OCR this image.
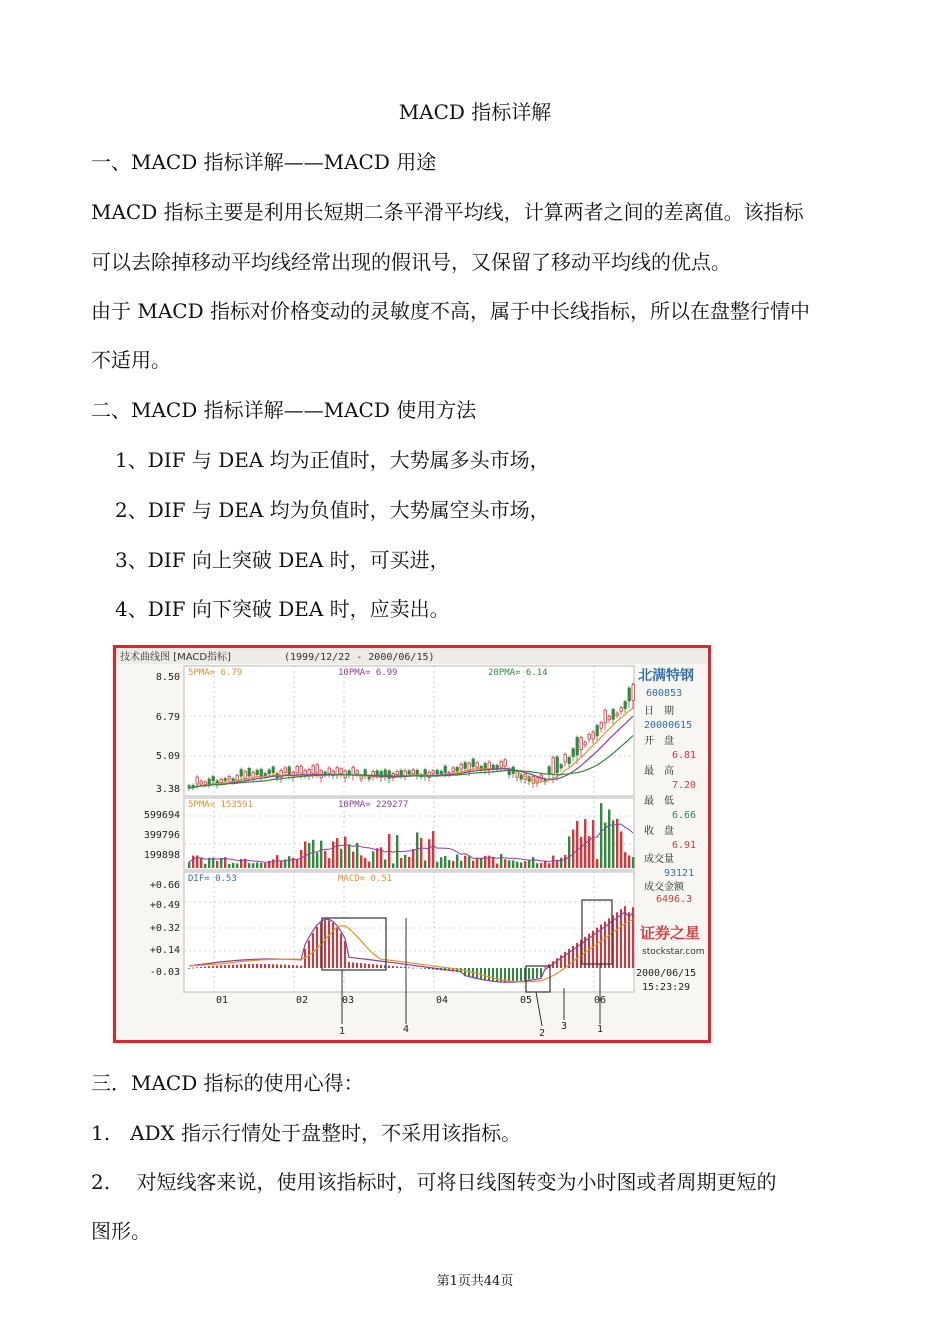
MACD 指标详解
一、MACD 指标详解——MACD 用途
MACD 指标主要是利用长短期二条平滑平均线，计算两者之间的差离值。该指标
可以去除掉移动平均线经常出现的假讯号，又保留了移动平均线的优点。
由于 MACD 指标对价格变动的灵敏度不高，属于中长线指标，所以在盘整行情中
不适用。
二、MACD 指标详解——MACD 使用方法
1、DIF 与 DEA 均为正值时，大势属多头市场，
2、DIF 与 DEA 均为负值时，大势属空头市场，
3、DIF 向上突破 DEA 时，可买进，
4、DIF 向下突破 DEA 时，应卖出。
技术曲线图 [MACD指标]	(1999/12/22 - 2000/06/15)
5PMA= 6.79	10PMA= 6.99	20PMA= 6.14
8.50
6.79
5.09
3.38
5PMA= 153591	10PMA= 229277
599694
399796
199898
DIF= 0.53	MACD= 0.51
+0.66
+0.49
+0.32
+0.14
-0.03
01	02	03	04	05	06
1	4	2
3	1
北满特钢
600853
日　期
20000615
开　盘
6.81
最　高
7.20
最　低
6.66
收　盘
6.91
成交量
93121
成交金额
6496.3
证券之星
stockstar.com
2000/06/15
15:23:29
三．MACD 指标的使用心得：
1.　ADX 指示行情处于盘整时，不采用该指标。
2.　 对短线客来说，使用该指标时，可将日线图转变为小时图或者周期更短的
图形。
第1页共44页
